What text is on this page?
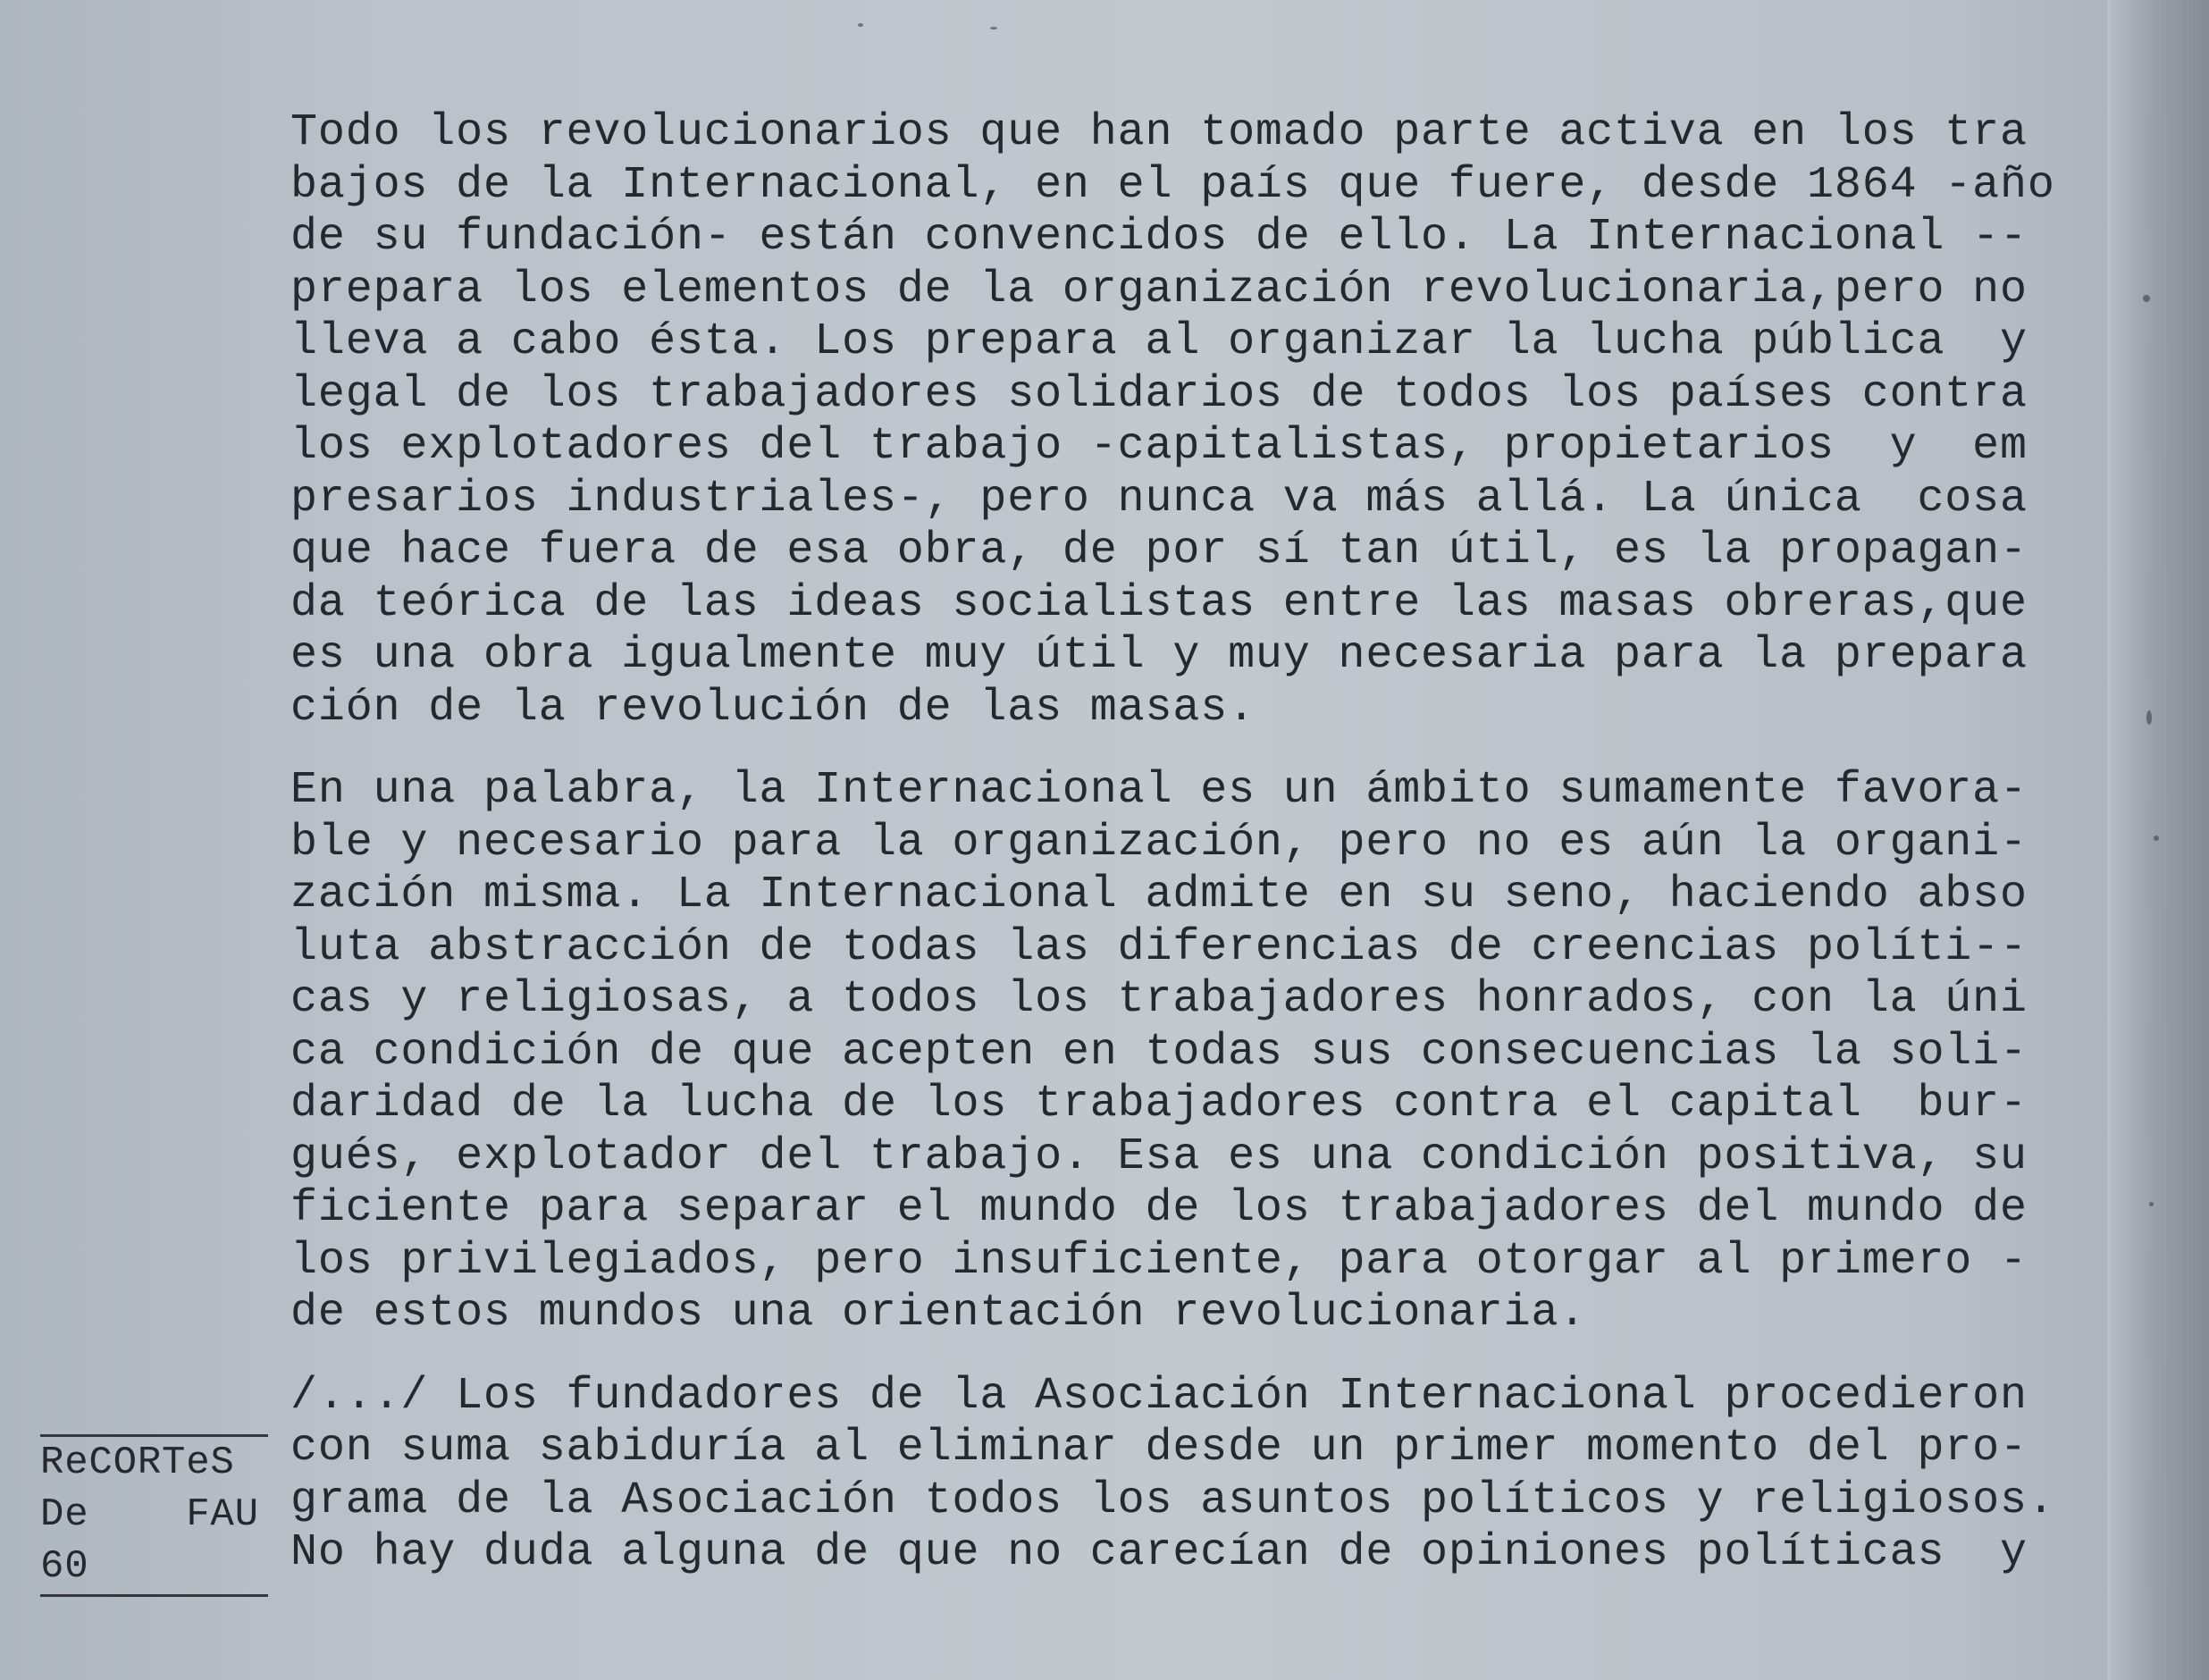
Todo los revolucionarios que han tomado parte activa en los tra
bajos de la Internacional, en el país que fuere, desde 1864 -año
de su fundación- están convencidos de ello. La Internacional --
prepara los elementos de la organización revolucionaria,pero no
lleva a cabo ésta. Los prepara al organizar la lucha pública  y
legal de los trabajadores solidarios de todos los países contra
los explotadores del trabajo -capitalistas, propietarios  y  em
presarios industriales-, pero nunca va más allá. La única  cosa
que hace fuera de esa obra, de por sí tan útil, es la propagan-
da teórica de las ideas socialistas entre las masas obreras,que
es una obra igualmente muy útil y muy necesaria para la prepara
ción de la revolución de las masas.
En una palabra, la Internacional es un ámbito sumamente favora-
ble y necesario para la organización, pero no es aún la organi-
zación misma. La Internacional admite en su seno, haciendo abso
luta abstracción de todas las diferencias de creencias políti--
cas y religiosas, a todos los trabajadores honrados, con la úni
ca condición de que acepten en todas sus consecuencias la soli-
daridad de la lucha de los trabajadores contra el capital  bur-
gués, explotador del trabajo. Esa es una condición positiva, su
ficiente para separar el mundo de los trabajadores del mundo de
los privilegiados, pero insuficiente, para otorgar al primero -
de estos mundos una orientación revolucionaria.
/.../ Los fundadores de la Asociación Internacional procedieron
con suma sabiduría al eliminar desde un primer momento del pro-
grama de la Asociación todos los asuntos políticos y religiosos.
No hay duda alguna de que no carecían de opiniones políticas  y
ReCORTeS
De    FAU
60
